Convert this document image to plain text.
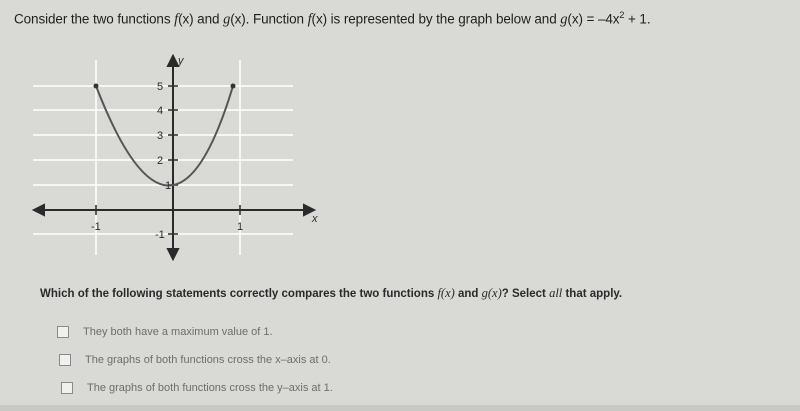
Consider the two functions f(x) and g(x). Function f(x) is represented by the graph below and $g(x) = -4x^2 + 1$.
y
x
5
4
3
2
1
-1
-1	1
Which of the following statements correctly compares the two functions f(x) and g(x)? Select all that apply.
They both have a maximum value of 1.
The graphs of both functions cross the x–axis at 0.
The graphs of both functions cross the y–axis at 1.
